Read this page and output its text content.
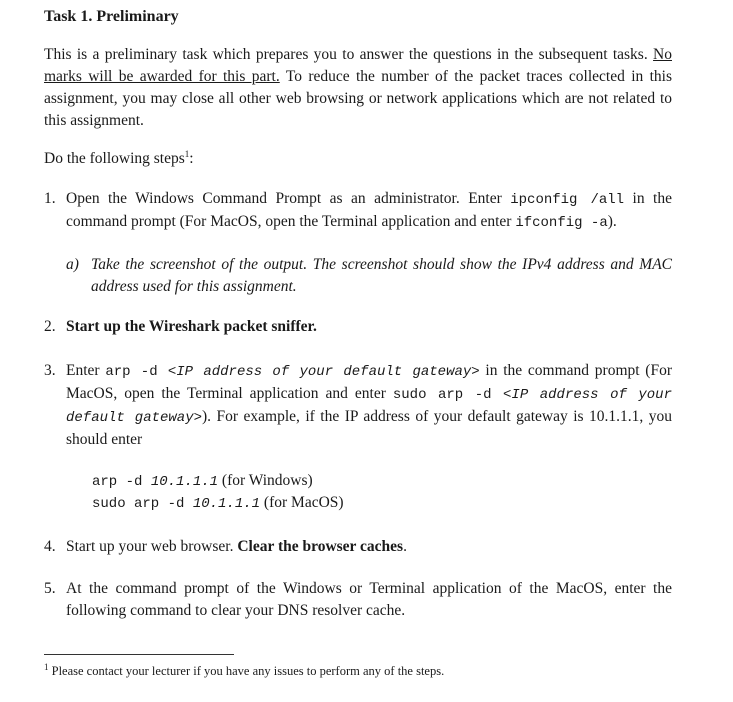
Task 1. Preliminary

This is a preliminary task which prepares you to answer the questions in the subsequent tasks. No marks will be awarded for this part. To reduce the number of the packet traces collected in this assignment, you may close all other web browsing or network applications which are not related to this assignment.

Do the following steps$^1$:

1. Open the Windows Command Prompt as an administrator. Enter ipconfig /all in the command prompt (For MacOS, open the Terminal application and enter ifconfig -a).
a) Take the screenshot of the output. The screenshot should show the IPv4 address and MAC address used for this assignment.
2. Start up the Wireshark packet sniffer.
3. Enter arp -d <IP address of your default gateway> in the command prompt (For MacOS, open the Terminal application and enter sudo arp -d <IP address of your default gateway>). For example, if the IP address of your default gateway is 10.1.1.1, you should enter
arp -d 10.1.1.1 (for Windows)
sudo arp -d 10.1.1.1 (for MacOS)
4. Start up your web browser. Clear the browser caches.
5. At the command prompt of the Windows or Terminal application of the MacOS, enter the following command to clear your DNS resolver cache.
$^1$ Please contact your lecturer if you have any issues to perform any of the steps.
